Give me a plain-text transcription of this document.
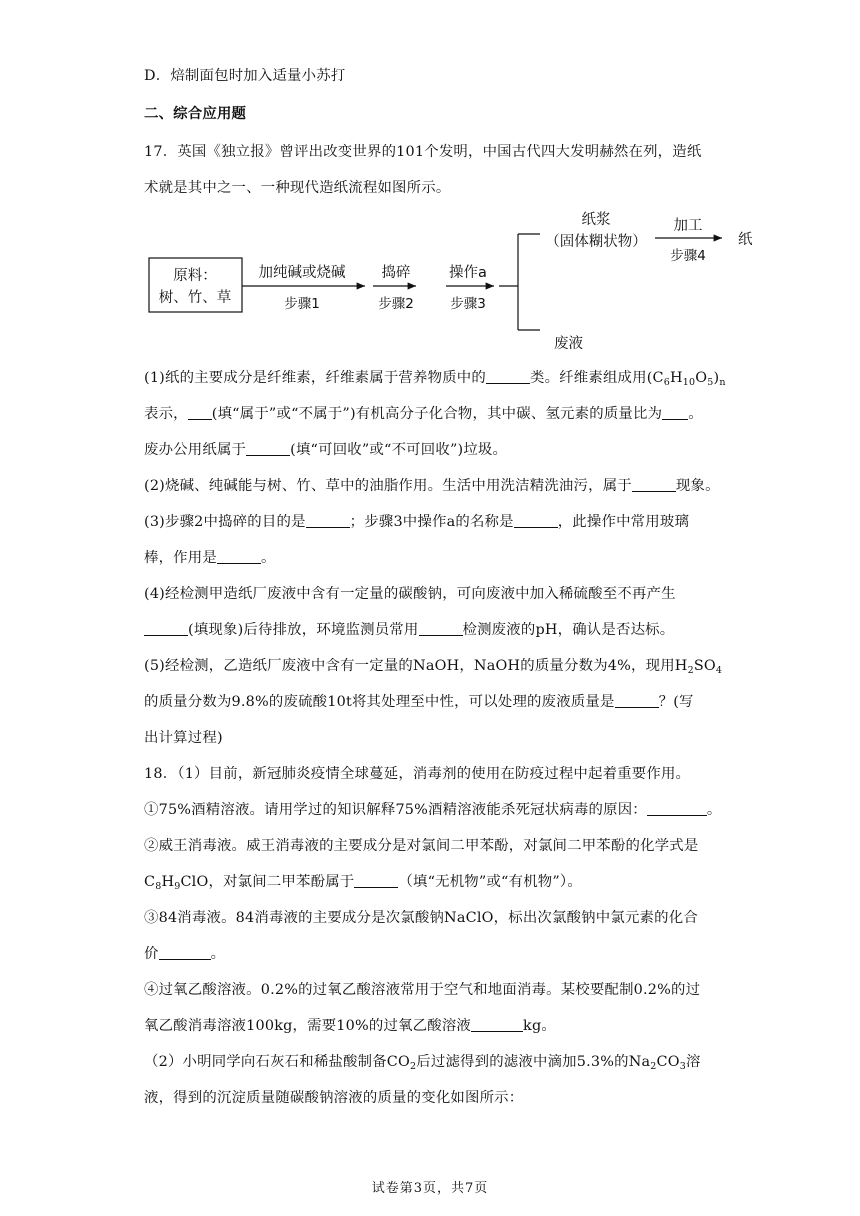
D．焙制面包时加入适量小苏打
二、综合应用题
17．英国《独立报》曾评出改变世界的101个发明，中国古代四大发明赫然在列，造纸
术就是其中之一、一种现代造纸流程如图所示。
原料：
树、竹、草
加纯碱或烧碱
步骤1
捣碎
步骤2
操作a
步骤3
纸浆
（固体糊状物）
加工
步骤4
纸
废液
(1)纸的主要成分是纤维素，纤维素属于营养物质中的	类。纤维素组成用$(C_6H_{10}O_5)_n$
表示， (填“属于”或“不属于”)有机高分子化合物，其中碳、氢元素的质量比为 。
废办公用纸属于	(填“可回收”或“不可回收”)垃圾。
(2)烧碱、纯碱能与树、竹、草中的油脂作用。生活中用洗洁精洗油污，属于	现象。
(3)步骤2中捣碎的目的是	；步骤3中操作a的名称是	，此操作中常用玻璃
棒，作用是	。
(4)经检测甲造纸厂废液中含有一定量的碳酸钠，可向废液中加入稀硫酸至不再产生
(填现象)后待排放，环境监测员常用	检测废液的pH，确认是否达标。
(5)经检测，乙造纸厂废液中含有一定量的NaOH，NaOH的质量分数为4%，现用$H_2SO_4$
的质量分数为9.8%的废硫酸10t将其处理至中性，可以处理的废液质量是	？(写
出计算过程)
18．（1）目前，新冠肺炎疫情全球蔓延，消毒剂的使用在防疫过程中起着重要作用。
①75%酒精溶液。请用学过的知识解释75%酒精溶液能杀死冠状病毒的原因：	。
②威王消毒液。威王消毒液的主要成分是对氯间二甲苯酚，对氯间二甲苯酚的化学式是
$C_8H_9ClO$，对氯间二甲苯酚属于	（填“无机物”或“有机物”）。
③84消毒液。84消毒液的主要成分是次氯酸钠NaClO，标出次氯酸钠中氯元素的化合
价	。
④过氧乙酸溶液。0.2%的过氧乙酸溶液常用于空气和地面消毒。某校要配制0.2%的过
氧乙酸消毒溶液100kg，需要10%的过氧乙酸溶液	kg。
（2）小明同学向石灰石和稀盐酸制备$CO_2$后过滤得到的滤液中滴加5.3%的$Na_2CO_3$溶
液，得到的沉淀质量随碳酸钠溶液的质量的变化如图所示：
试卷第3页，共7页
